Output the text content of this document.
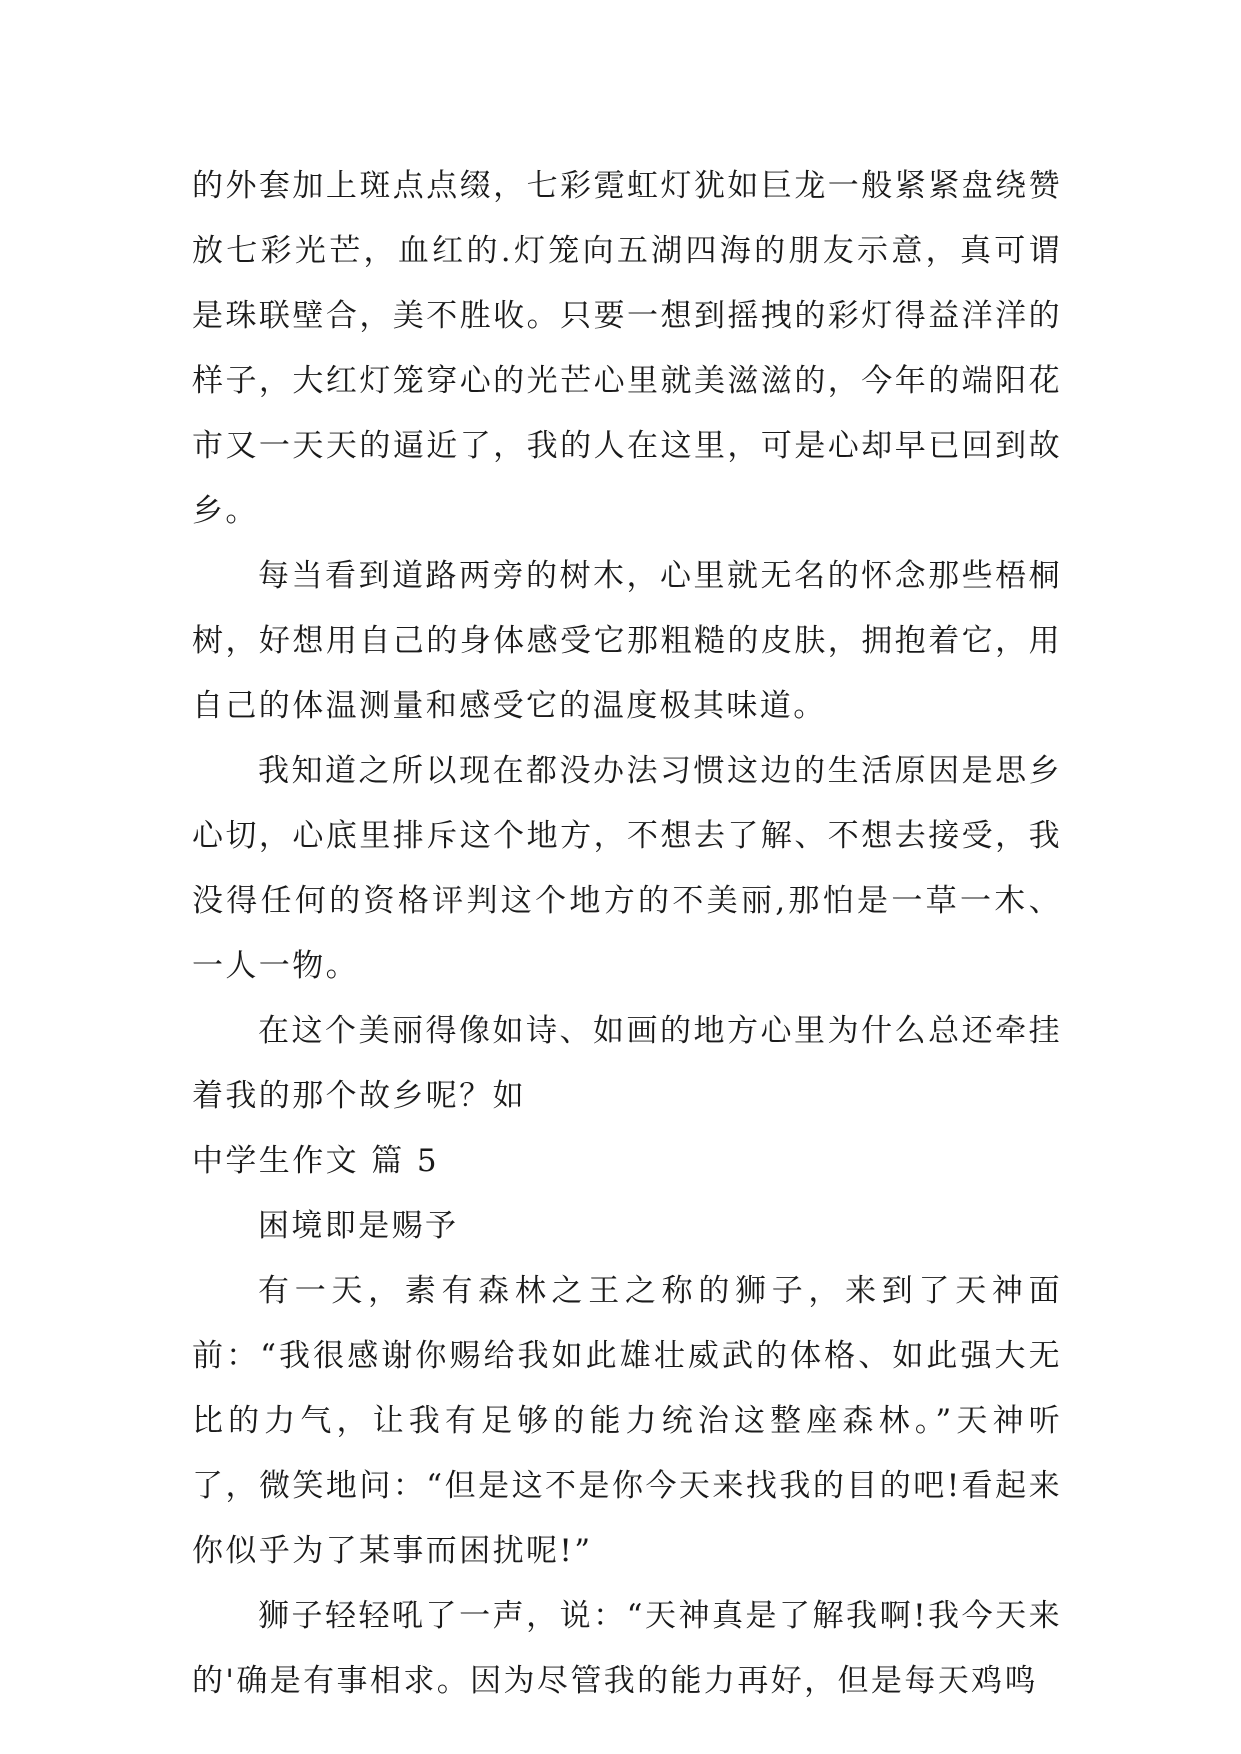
的外套加上斑点点缀，七彩霓虹灯犹如巨龙一般紧紧盘绕赞放七彩光芒，血红的.灯笼向五湖四海的朋友示意，真可谓是珠联壁合，美不胜收。只要一想到摇拽的彩灯得益洋洋的样子，大红灯笼穿心的光芒心里就美滋滋的，今年的端阳花市又一天天的逼近了，我的人在这里，可是心却早已回到故乡。

每当看到道路两旁的树木，心里就无名的怀念那些梧桐树，好想用自己的身体感受它那粗糙的皮肤，拥抱着它，用自己的体温测量和感受它的温度极其味道。

我知道之所以现在都没办法习惯这边的生活原因是思乡心切，心底里排斥这个地方，不想去了解、不想去接受，我没得任何的资格评判这个地方的不美丽,那怕是一草一木、一人一物。

在这个美丽得像如诗、如画的地方心里为什么总还牵挂着我的那个故乡呢？如

中学生作文 篇 5

困境即是赐予

有一天，素有森林之王之称的狮子，来到了天神面前：“我很感谢你赐给我如此雄壮威武的体格、如此强大无比的力气，让我有足够的能力统治这整座森林。”天神听了，微笑地问：“但是这不是你今天来找我的目的吧!看起来你似乎为了某事而困扰呢!”

狮子轻轻吼了一声，说：“天神真是了解我啊!我今天来的'确是有事相求。因为尽管我的能力再好，但是每天鸡鸣
